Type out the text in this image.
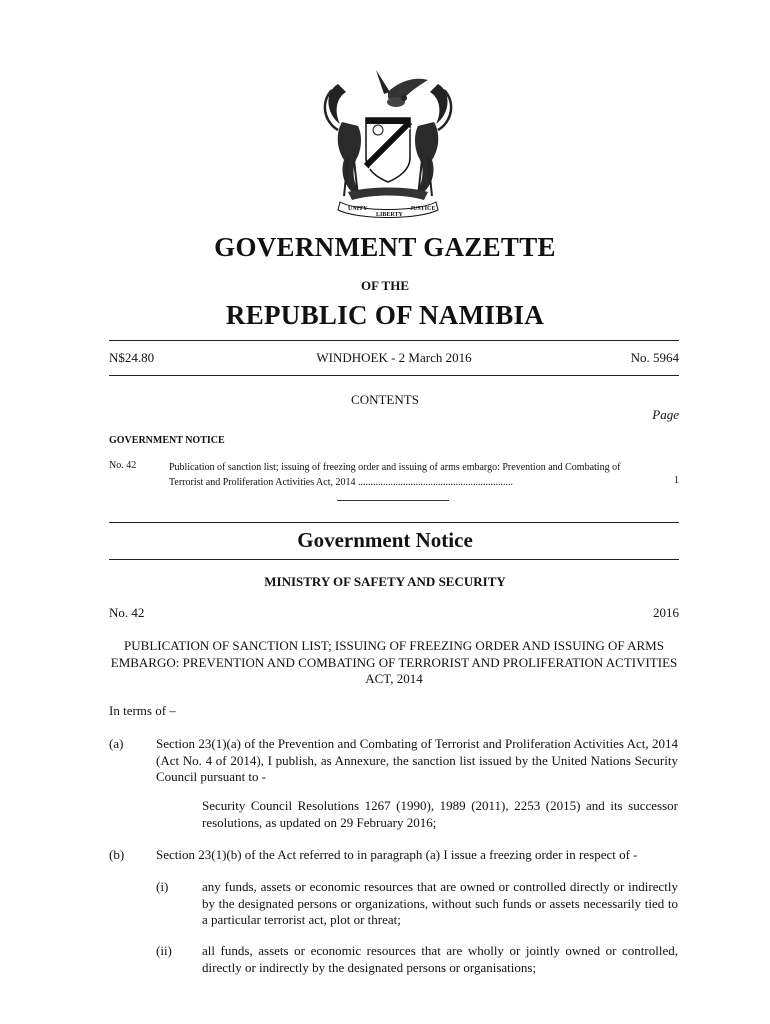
UNITY
LIBERTY
JUSTICE
GOVERNMENT GAZETTE
OF THE
REPUBLIC OF NAMIBIA
N$24.80	WINDHOEK - 2 March 2016	No. 5964
CONTENTS
Page
GOVERNMENT NOTICE
No. 42	Publication of sanction list; issuing of freezing order and issuing of arms embargo: Prevention and Combating of Terrorist and Proliferation Activities Act, 2014 ..............................................................	1
Government Notice
MINISTRY OF SAFETY AND SECURITY
No. 42	2016
PUBLICATION OF SANCTION LIST; ISSUING OF FREEZING ORDER AND ISSUING OF ARMS EMBARGO: PREVENTION AND COMBATING OF TERRORIST AND PROLIFERATION ACTIVITIES ACT, 2014
In terms of –
(a)	Section 23(1)(a) of the Prevention and Combating of Terrorist and Proliferation Activities Act, 2014 (Act No. 4 of 2014), I publish, as Annexure, the sanction list issued by the United Nations Security Council pursuant to -
Security Council Resolutions 1267 (1990), 1989 (2011), 2253 (2015) and its successor resolutions, as updated on 29 February 2016;
(b) Section 23(1)(b) of the Act referred to in paragraph (a) I issue a freezing order in respect of -
(i)	any funds, assets or economic resources that are owned or controlled directly or indirectly by the designated persons or organizations, without such funds or assets necessarily tied to a particular terrorist act, plot or threat;
(ii) all funds, assets or economic resources that are wholly or jointly owned or controlled, directly or indirectly by the designated persons or organisations;
